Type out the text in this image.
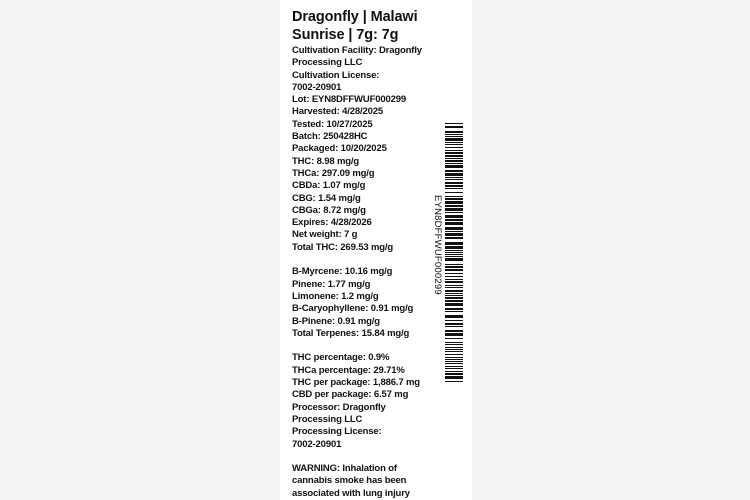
Dragonfly | Malawi Sunrise | 7g: 7g
Cultivation Facility: Dragonfly
Processing LLC
Cultivation License:
7002-20901
Lot: EYN8DFFWUF000299
Harvested: 4/28/2025
Tested: 10/27/2025
Batch: 250428HC
Packaged: 10/20/2025
THC: 8.98 mg/g
THCa: 297.09 mg/g
CBDa: 1.07 mg/g
CBG: 1.54 mg/g
CBGa: 8.72 mg/g
Expires: 4/28/2026
Net weight: 7 g
Total THC: 269.53 mg/g
B-Myrcene: 10.16 mg/g
Pinene: 1.77 mg/g
Limonene: 1.2 mg/g
B-Caryophyllene: 0.91 mg/g
B-Pinene: 0.91 mg/g
Total Terpenes: 15.84 mg/g
THC percentage: 0.9%
THCa percentage: 29.71%
THC per package: 1,886.7 mg
CBD per package: 6.57 mg
Processor: Dragonfly
Processing LLC
Processing License:
7002-20901
WARNING: Inhalation of
cannabis smoke has been
associated with lung injury
EYN8DFFWUF000299
